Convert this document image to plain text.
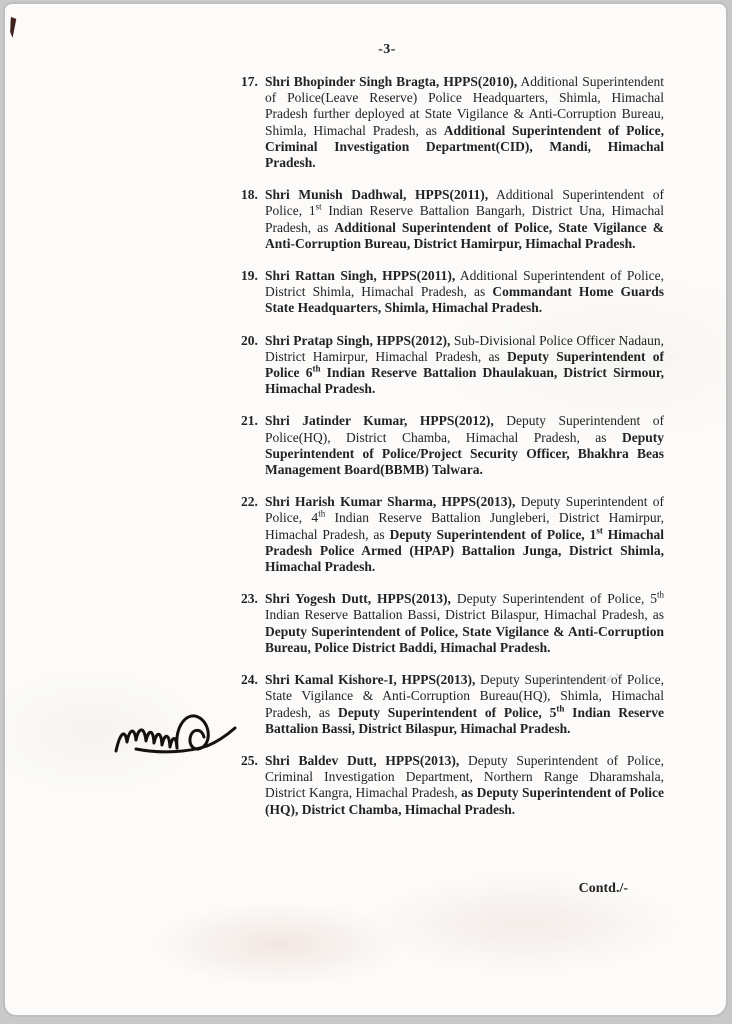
-3-
17. Shri Bhopinder Singh Bragta, HPPS(2010), Additional Superintendent of Police(Leave Reserve) Police Headquarters, Shimla, Himachal Pradesh further deployed at State Vigilance & Anti-Corruption Bureau, Shimla, Himachal Pradesh, as Additional Superintendent of Police, Criminal Investigation Department(CID), Mandi, Himachal Pradesh.

18. Shri Munish Dadhwal, HPPS(2011), Additional Superintendent of Police, 1st Indian Reserve Battalion Bangarh, District Una, Himachal Pradesh, as Additional Superintendent of Police, State Vigilance & Anti-Corruption Bureau, District Hamirpur, Himachal Pradesh.

19. Shri Rattan Singh, HPPS(2011), Additional Superintendent of Police, District Shimla, Himachal Pradesh, as Commandant Home Guards State Headquarters, Shimla, Himachal Pradesh.

20. Shri Pratap Singh, HPPS(2012), Sub-Divisional Police Officer Nadaun, District Hamirpur, Himachal Pradesh, as Deputy Superintendent of Police 6th Indian Reserve Battalion Dhaulakuan, District Sirmour, Himachal Pradesh.

21. Shri Jatinder Kumar, HPPS(2012), Deputy Superintendent of Police(HQ), District Chamba, Himachal Pradesh, as Deputy Superintendent of Police/Project Security Officer, Bhakhra Beas Management Board(BBMB) Talwara.

22. Shri Harish Kumar Sharma, HPPS(2013), Deputy Superintendent of Police, 4th Indian Reserve Battalion Jungleberi, District Hamirpur, Himachal Pradesh, as Deputy Superintendent of Police, 1st Himachal Pradesh Police Armed (HPAP) Battalion Junga, District Shimla, Himachal Pradesh.

23. Shri Yogesh Dutt, HPPS(2013), Deputy Superintendent of Police, 5th Indian Reserve Battalion Bassi, District Bilaspur, Himachal Pradesh, as Deputy Superintendent of Police, State Vigilance & Anti-Corruption Bureau, Police District Baddi, Himachal Pradesh.

24. Shri Kamal Kishore-I, HPPS(2013), Deputy Superintendent of Police, State Vigilance & Anti-Corruption Bureau(HQ), Shimla, Himachal Pradesh, as Deputy Superintendent of Police, 5th Indian Reserve Battalion Bassi, District Bilaspur, Himachal Pradesh.

25. Shri Baldev Dutt, HPPS(2013), Deputy Superintendent of Police, Criminal Investigation Department, Northern Range Dharamshala, District Kangra, Himachal Pradesh, as Deputy Superintendent of Police (HQ), District Chamba, Himachal Pradesh.

Contd./-
